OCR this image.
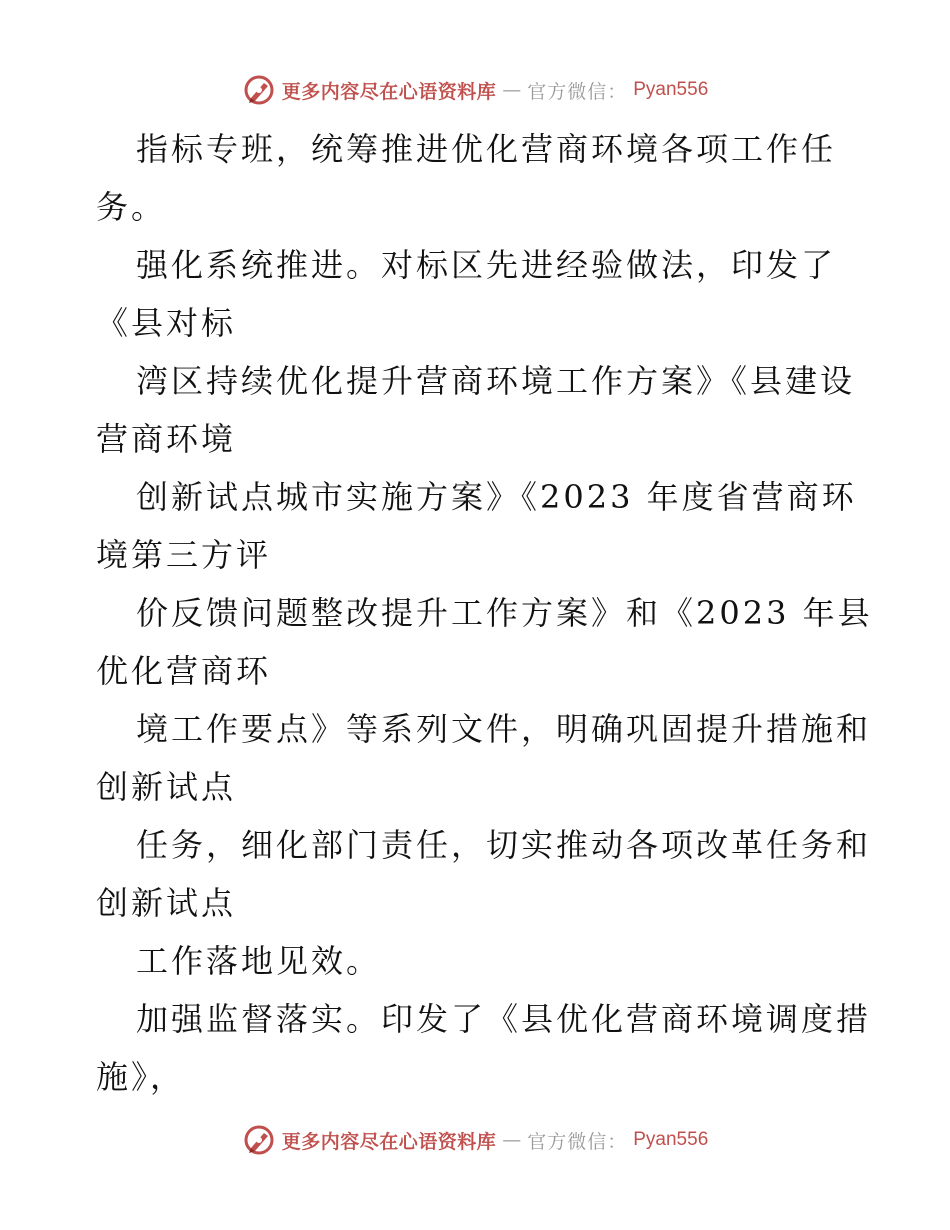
更多内容尽在心语资料库 — 官方微信： Pyan556
指标专班，统筹推进优化营商环境各项工作任
务。
强化系统推进。对标区先进经验做法，印发了
《县对标
湾区持续优化提升营商环境工作方案》《县建设
营商环境
创新试点城市实施方案》《2023 年度省营商环
境第三方评
价反馈问题整改提升工作方案》和《2023 年县
优化营商环
境工作要点》等系列文件，明确巩固提升措施和
创新试点
任务，细化部门责任，切实推动各项改革任务和
创新试点
工作落地见效。
加强监督落实。印发了《县优化营商环境调度措
施》，
更多内容尽在心语资料库 — 官方微信： Pyan556
